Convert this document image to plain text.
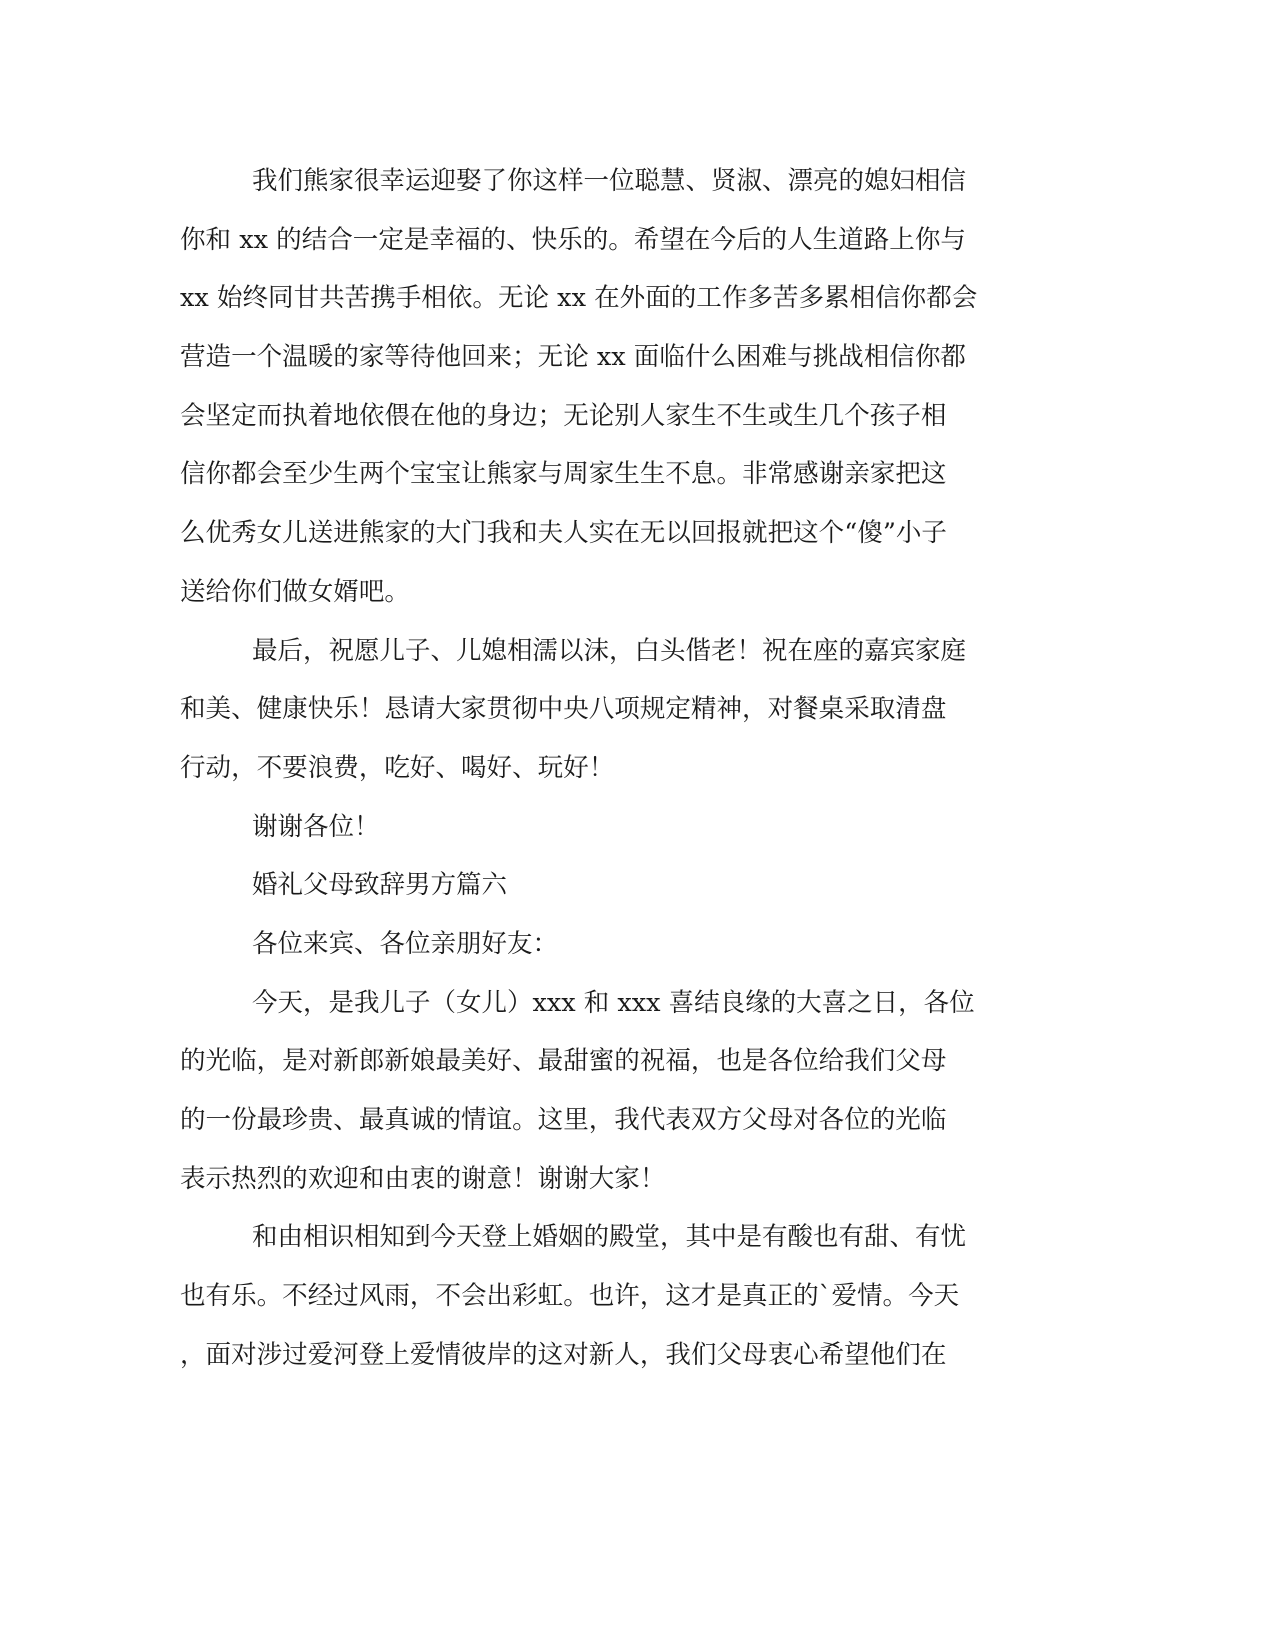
我们熊家很幸运迎娶了你这样一位聪慧、贤淑、漂亮的媳妇相信
你和 xx 的结合一定是幸福的、快乐的。希望在今后的人生道路上你与
xx 始终同甘共苦携手相依。无论 xx 在外面的工作多苦多累相信你都会
营造一个温暖的家等待他回来；无论 xx 面临什么困难与挑战相信你都
会坚定而执着地依偎在他的身边；无论别人家生不生或生几个孩子相
信你都会至少生两个宝宝让熊家与周家生生不息。非常感谢亲家把这
么优秀女儿送进熊家的大门我和夫人实在无以回报就把这个“傻”小子
送给你们做女婿吧。
最后，祝愿儿子、儿媳相濡以沫，白头偕老！祝在座的嘉宾家庭
和美、健康快乐！恳请大家贯彻中央八项规定精神，对餐桌采取清盘
行动，不要浪费，吃好、喝好、玩好！
谢谢各位！
婚礼父母致辞男方篇六
各位来宾、各位亲朋好友：
今天，是我儿子（女儿）xxx 和 xxx 喜结良缘的大喜之日，各位
的光临，是对新郎新娘最美好、最甜蜜的祝福，也是各位给我们父母
的一份最珍贵、最真诚的情谊。这里，我代表双方父母对各位的光临
表示热烈的欢迎和由衷的谢意！谢谢大家！
和由相识相知到今天登上婚姻的殿堂，其中是有酸也有甜、有忧
也有乐。不经过风雨，不会出彩虹。也许，这才是真正的`爱情。今天
，面对涉过爱河登上爱情彼岸的这对新人，我们父母衷心希望他们在
